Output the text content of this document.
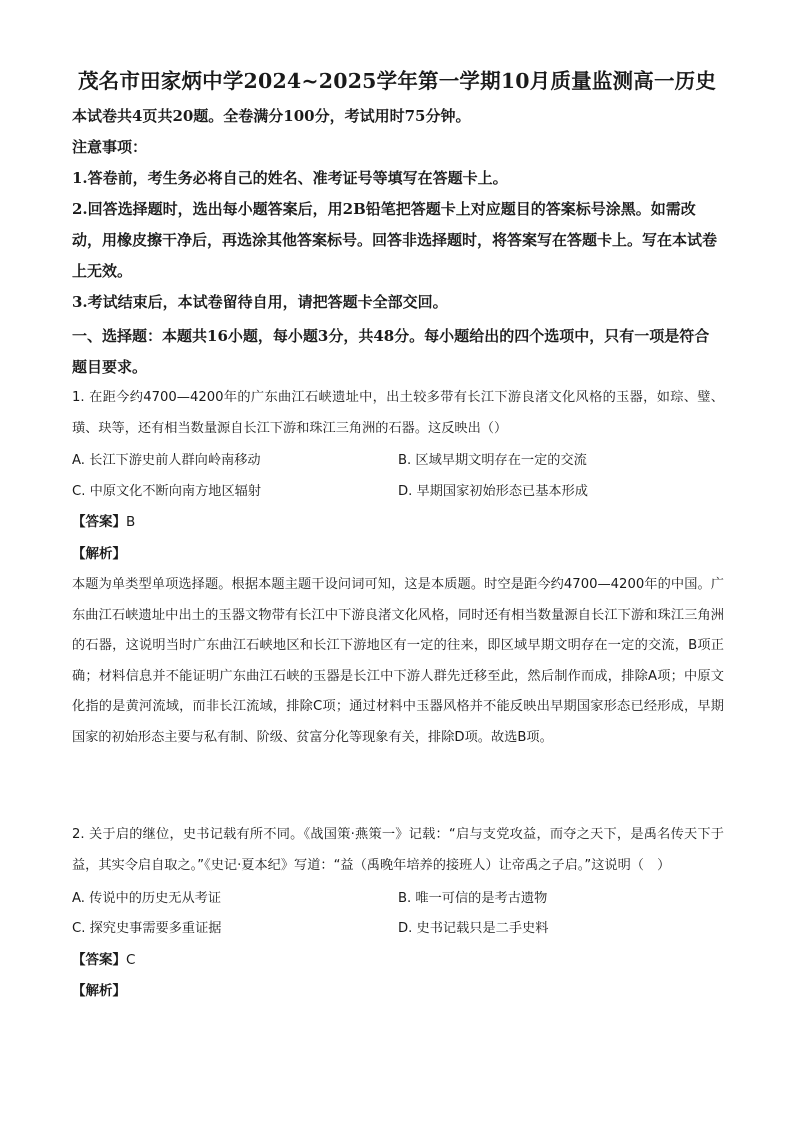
茂名市田家炳中学2024~2025学年第一学期10月质量监测高一历史

本试卷共4页共20题。全卷满分100分，考试用时75分钟。

注意事项：

1.答卷前，考生务必将自己的姓名、准考证号等填写在答题卡上。

2.回答选择题时，选出每小题答案后，用2B铅笔把答题卡上对应题目的答案标号涂黑。如需改动，用橡皮擦干净后，再选涂其他答案标号。回答非选择题时，将答案写在答题卡上。写在本试卷上无效。

3.考试结束后，本试卷留待自用，请把答题卡全部交回。

一、选择题：本题共16小题，每小题3分，共48分。每小题给出的四个选项中，只有一项是符合题目要求。

1. 在距今约4700—4200年的广东曲江石峡遗址中，出土较多带有长江下游良渚文化风格的玉器，如琮、璧、璜、玦等，还有相当数量源自长江下游和珠江三角洲的石器。这反映出（）

A. 长江下游史前人群向岭南移动	B. 区域早期文明存在一定的交流
C. 中原文化不断向南方地区辐射	D. 早期国家初始形态已基本形成
【答案】B
【解析】

本题为单类型单项选择题。根据本题主题干设问词可知，这是本质题。时空是距今约4700—4200年的中国。广东曲江石峡遗址中出土的玉器文物带有长江中下游良渚文化风格，同时还有相当数量源自长江下游和珠江三角洲的石器，这说明当时广东曲江石峡地区和长江下游地区有一定的往来，即区域早期文明存在一定的交流，B项正确；材料信息并不能证明广东曲江石峡的玉器是长江中下游人群先迁移至此，然后制作而成，排除A项；中原文化指的是黄河流域，而非长江流域，排除C项；通过材料中玉器风格并不能反映出早期国家形态已经形成，早期国家的初始形态主要与私有制、阶级、贫富分化等现象有关，排除D项。故选B项。

2. 关于启的继位，史书记载有所不同。《战国策·燕策一》记载：“启与支党攻益，而夺之天下，是禹名传天下于益，其实令启自取之。”《史记·夏本纪》写道：“益（禹晚年培养的接班人）让帝禹之子启。”这说明（　）

A. 传说中的历史无从考证	B. 唯一可信的是考古遗物
C. 探究史事需要多重证据	D. 史书记载只是二手史料
【答案】C
【解析】
